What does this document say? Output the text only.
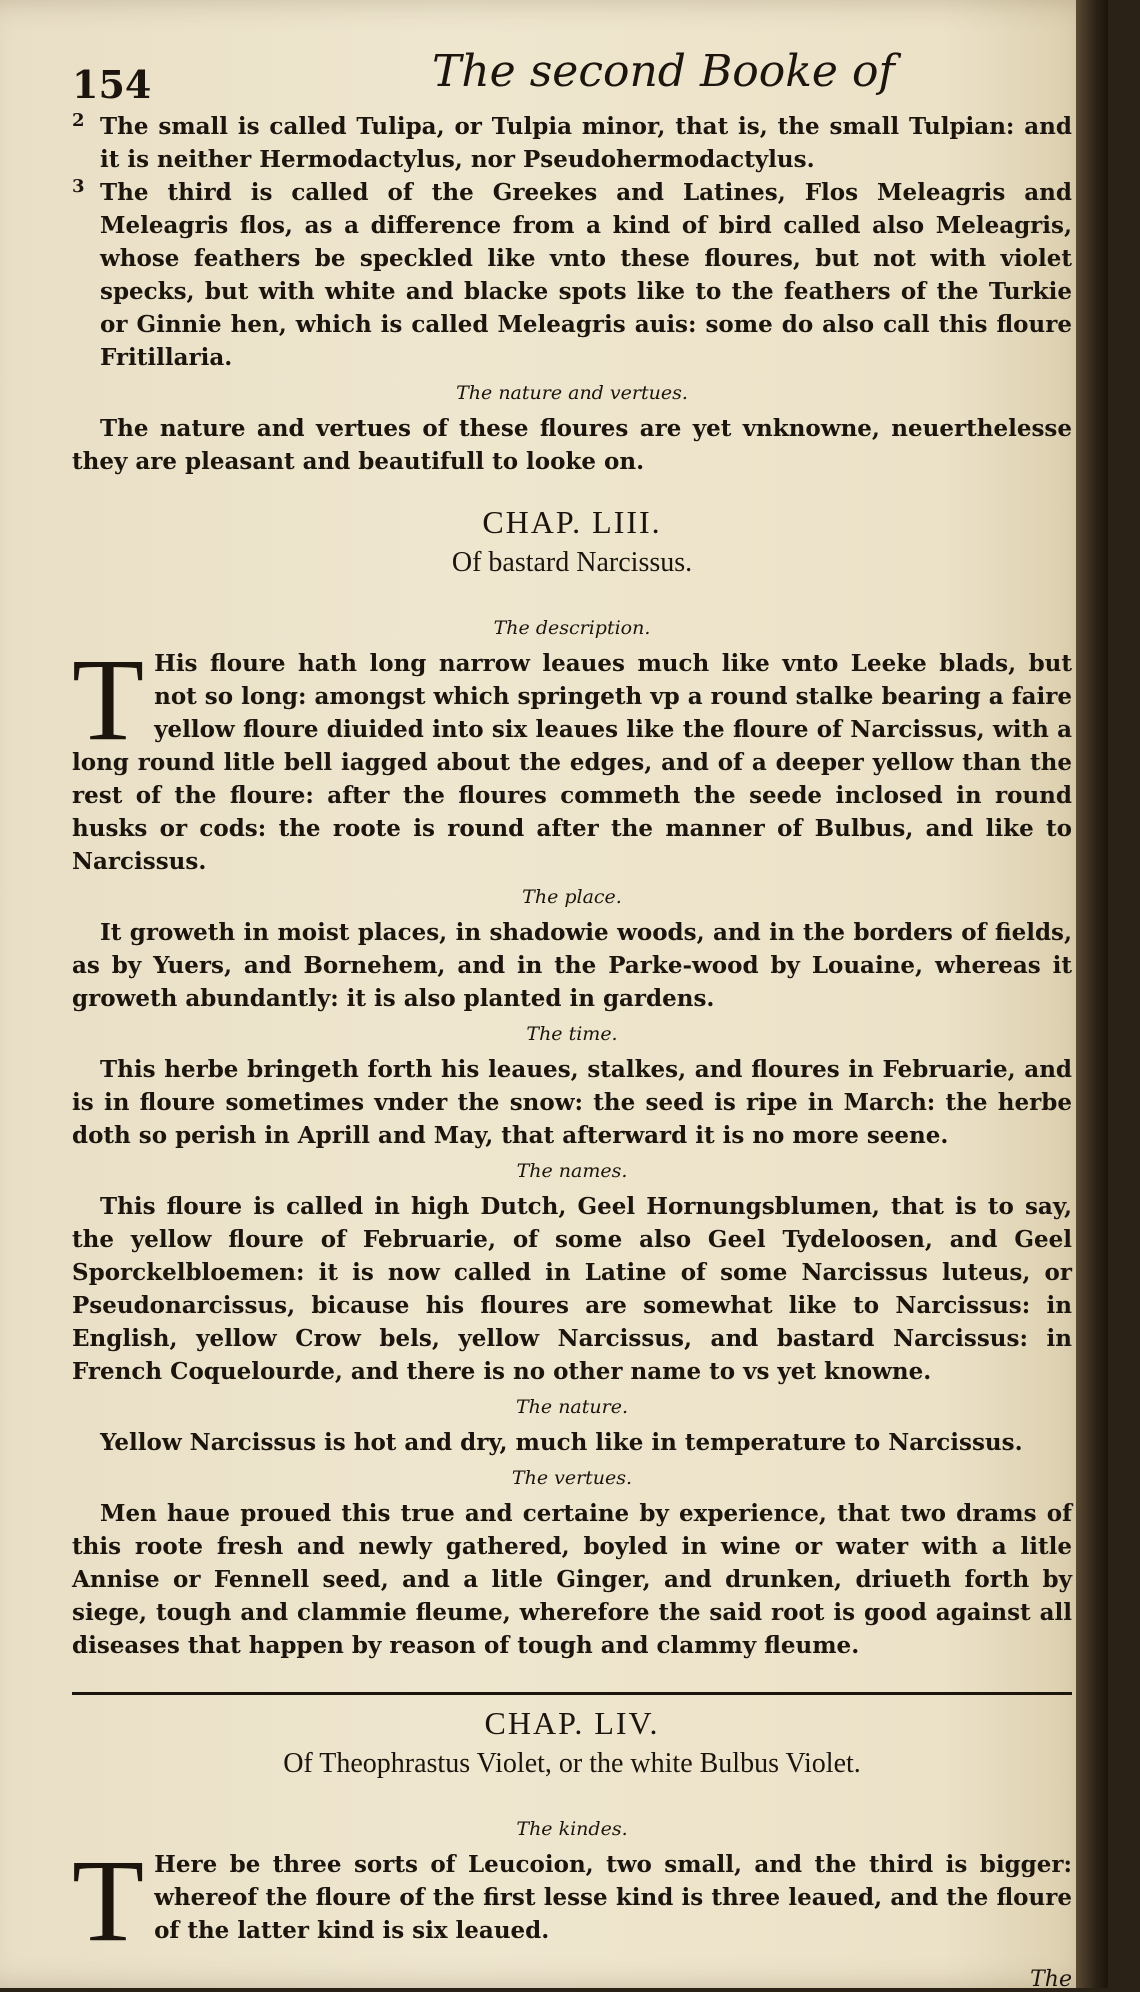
154	The second Booke of
2 The small is called Tulipa, or Tulpia minor, that is, the small Tulpian: and it is neither Hermodactylus, nor Pseudohermodactylus.

3 The third is called of the Greekes and Latines, Flos Meleagris and Meleagris flos, as a difference from a kind of bird called also Meleagris, whose feathers be speckled like vnto these floures, but not with violet specks, but with white and blacke spots like to the feathers of the Turkie or Ginnie hen, which is called Meleagris auis: some do also call this floure Fritillaria.

The nature and vertues.

The nature and vertues of these floures are yet vnknowne, neuerthelesse they are pleasant and beautifull to looke on.

CHAP. LIII.
Of bastard Narcissus.
The description.

T His floure hath long narrow leaues much like vnto Leeke blads, but not so long: amongst which springeth vp a round stalke bearing a faire yellow floure diuided into six leaues like the floure of Narcissus, with a long round litle bell iagged about the edges, and of a deeper yellow than the rest of the floure: after the floures commeth the seede inclosed in round husks or cods: the roote is round after the manner of Bulbus, and like to Narcissus.

The place.

It groweth in moist places, in shadowie woods, and in the borders of fields, as by Yuers, and Bornehem, and in the Parke-wood by Louaine, whereas it groweth abundantly: it is also planted in gardens.

The time.

This herbe bringeth forth his leaues, stalkes, and floures in Februarie, and is in floure sometimes vnder the snow: the seed is ripe in March: the herbe doth so perish in Aprill and May, that afterward it is no more seene.

The names.

This floure is called in high Dutch, Geel Hornungsblumen, that is to say, the yellow floure of Februarie, of some also Geel Tydeloosen, and Geel Sporckelbloemen: it is now called in Latine of some Narcissus luteus, or Pseudonarcissus, bicause his floures are somewhat like to Narcissus: in English, yellow Crow bels, yellow Narcissus, and bastard Narcissus: in French Coquelourde, and there is no other name to vs yet knowne.

The nature.

Yellow Narcissus is hot and dry, much like in temperature to Narcissus.

The vertues.

Men haue proued this true and certaine by experience, that two drams of this roote fresh and newly gathered, boyled in wine or water with a litle Annise or Fennell seed, and a litle Ginger, and drunken, driueth forth by siege, tough and clammie fleume, wherefore the said root is good against all diseases that happen by reason of tough and clammy fleume.

CHAP. LIV.
Of Theophrastus Violet, or the white Bulbus Violet.
The kindes.

T Here be three sorts of Leucoion, two small, and the third is bigger: whereof the floure of the first lesse kind is three leaued, and the floure of the latter kind is six leaued.

The
